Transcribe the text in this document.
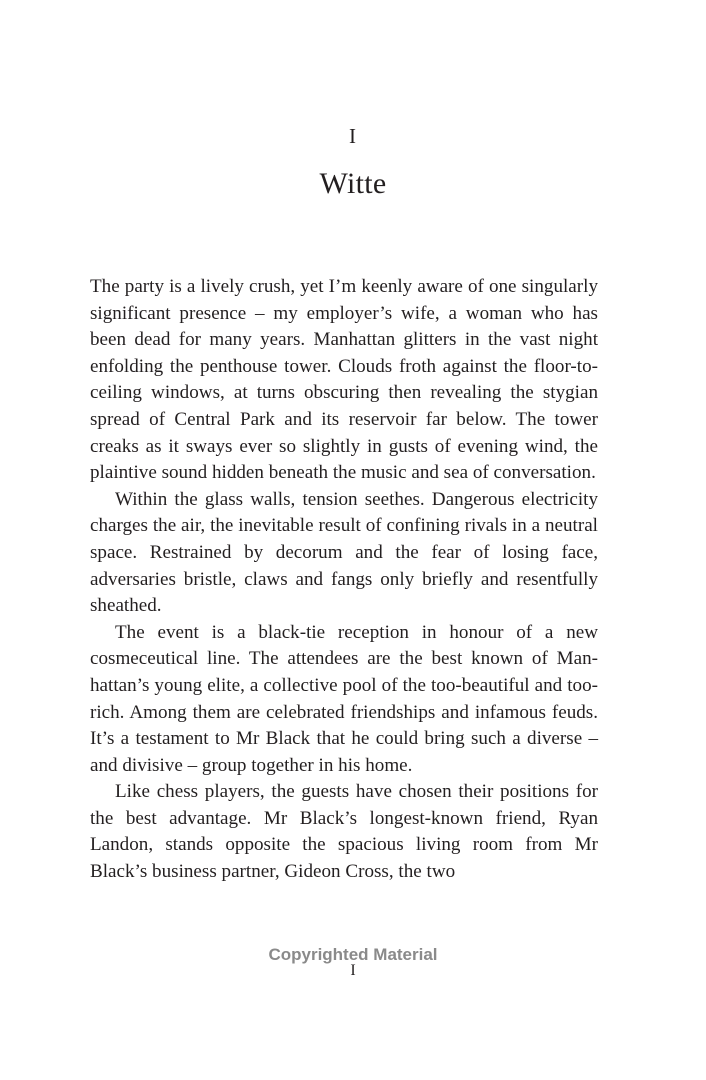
I
Witte

The party is a lively crush, yet I’m keenly aware of one singularly significant presence – my employer’s wife, a woman who has been dead for many years. Manhattan glitters in the vast night enfolding the penthouse tower. Clouds froth against the floor-to-ceiling windows, at turns obscuring then revealing the stygian spread of Central Park and its reservoir far below. The tower creaks as it sways ever so slightly in gusts of evening wind, the plaintive sound hidden beneath the music and sea of conversation.

Within the glass walls, tension seethes. Dangerous electricity charges the air, the inevitable result of confining rivals in a neutral space. Restrained by decorum and the fear of losing face, adversaries bristle, claws and fangs only briefly and resentfully sheathed.

The event is a black-tie reception in honour of a new cosmeceutical line. The attendees are the best known of Manhattan’s young elite, a collective pool of the too-beautiful and too-rich. Among them are celebrated friendships and infamous feuds. It’s a testament to Mr Black that he could bring such a diverse – and divisive – group together in his home.

Like chess players, the guests have chosen their positions for the best advantage. Mr Black’s longest-known friend, Ryan Landon, stands opposite the spacious living room from Mr Black’s business partner, Gideon Cross, the two

Copyrighted Material
I
